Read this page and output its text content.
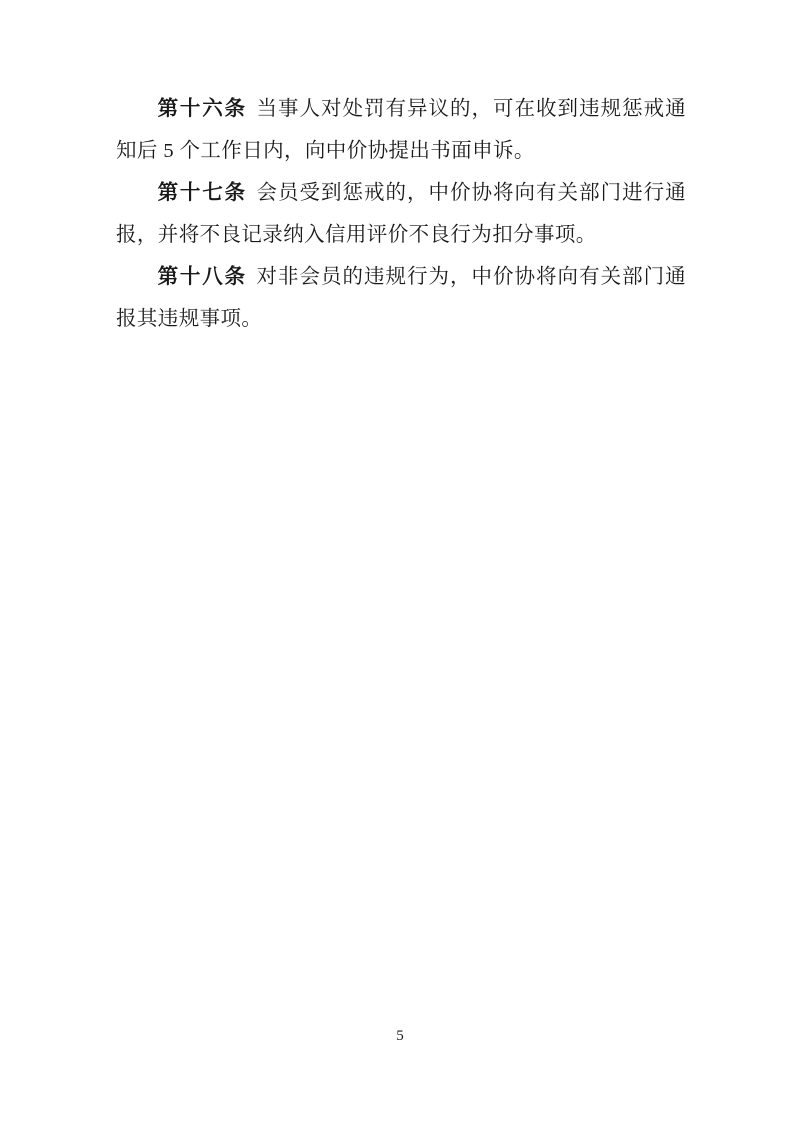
第十六条 当事人对处罚有异议的，可在收到违规惩戒通知后 5 个工作日内，向中价协提出书面申诉。

第十七条 会员受到惩戒的，中价协将向有关部门进行通报，并将不良记录纳入信用评价不良行为扣分事项。

第十八条 对非会员的违规行为，中价协将向有关部门通报其违规事项。

5
